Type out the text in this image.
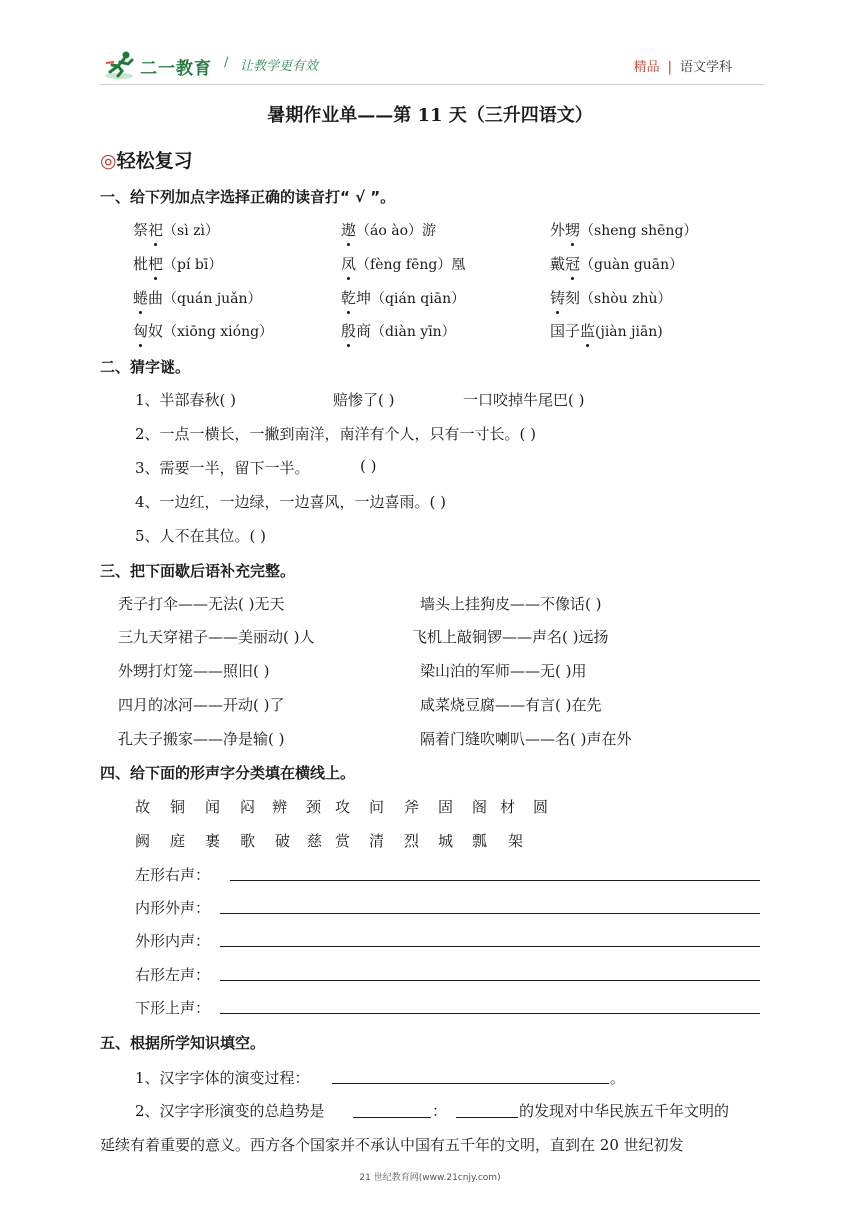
二一教育 / 让教学更有效	精品 | 语文学科
暑期作业单——第 11 天（三升四语文）
◎轻松复习
一、给下列加点字选择正确的读音打“ √ ”。
祭祀（sì zì）	遨（áo ào）游	外甥（sheng shēng）
枇杷（pí bī）	凤（fèng fēng）凰	戴冠（guàn guān）
蜷曲（quán juǎn）	乾坤（qián qiān）	铸刻（shòu zhù）
匈奴（xiōng xióng）	殷商（diàn yīn）	国子监(jiàn jiān)
二、猜字谜。
1、半部春秋( )	赔惨了( )	一口咬掉牛尾巴( )
2、一点一横长，一撇到南洋，南洋有个人，只有一寸长。( )
3、需要一半，留下一半。	( )
4、一边红，一边绿，一边喜风，一边喜雨。( )
5、人不在其位。( )
三、把下面歇后语补充完整。
秃子打伞——无法( )无天	墙头上挂狗皮——不像话( )
三九天穿裙子——美丽动( )人	飞机上敲铜锣——声名( )远扬
外甥打灯笼——照旧( )	梁山泊的军师——无( )用
四月的冰河——开动( )了	咸菜烧豆腐——有言( )在先
孔夫子搬家——净是输( )	隔着门缝吹喇叭——名( )声在外
四、给下面的形声字分类填在横线上。
故 铜 闻 闷 辨 颈 攻 问 斧 固 阁 材 圆
阙 庭 裹 歌 破 慈 赏 清 烈 城 瓢 架
左形右声：
内形外声：
外形内声：
右形左声：
下形上声：
五、根据所学知识填空。
1、汉字字体的演变过程：	。
2、汉字字形演变的总趋势是	：	的发现对中华民族五千年文明的
延续有着重要的意义。西方各个国家并不承认中国有五千年的文明，直到在 20 世纪初发
21 世纪教育网(www.21cnjy.com)
